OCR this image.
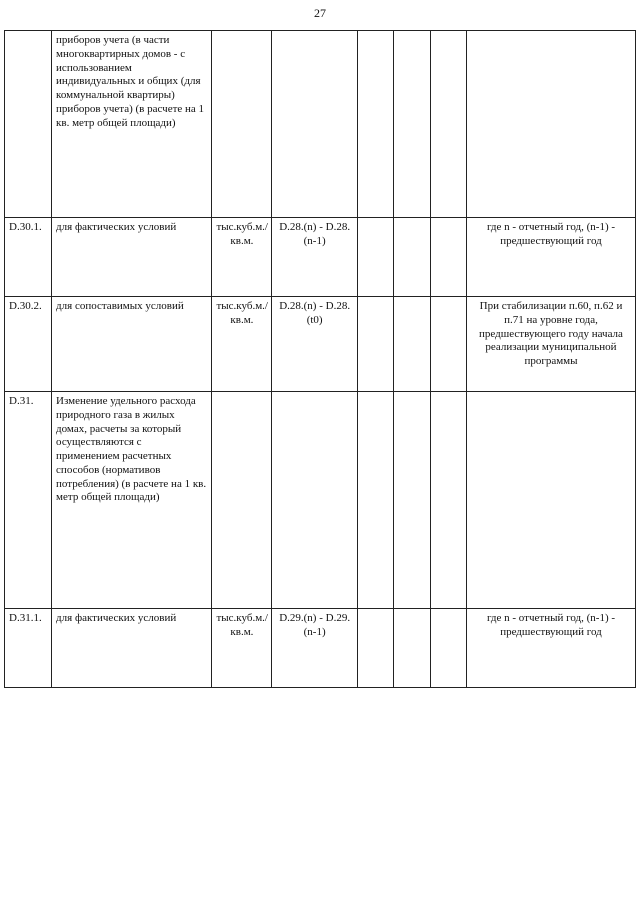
27
	приборов учета (в части многоквартирных домов - с использованием индивидуальных и общих (для коммунальной квартиры) приборов учета) (в расчете на 1 кв. метр общей площади)						
D.30.1.	для фактических условий	тыс.куб.м./ кв.м.	D.28.(n) - D.28.(n-1)				где n - отчетный год, (n-1) - предшествующий год
D.30.2.	для сопоставимых условий	тыс.куб.м./ кв.м.	D.28.(n) - D.28.(t0)				При стабилизации п.60, п.62 и п.71 на уровне года, предшествующего году начала реализации муниципальной программы
D.31.	Изменение удельного расхода природного газа в жилых домах, расчеты за который осуществляются с применением расчетных способов (нормативов потребления) (в расчете на 1 кв. метр общей площади)						
D.31.1.	для фактических условий	тыс.куб.м./ кв.м.	D.29.(n) - D.29.(n-1)				где n - отчетный год, (n-1) - предшествующий год
